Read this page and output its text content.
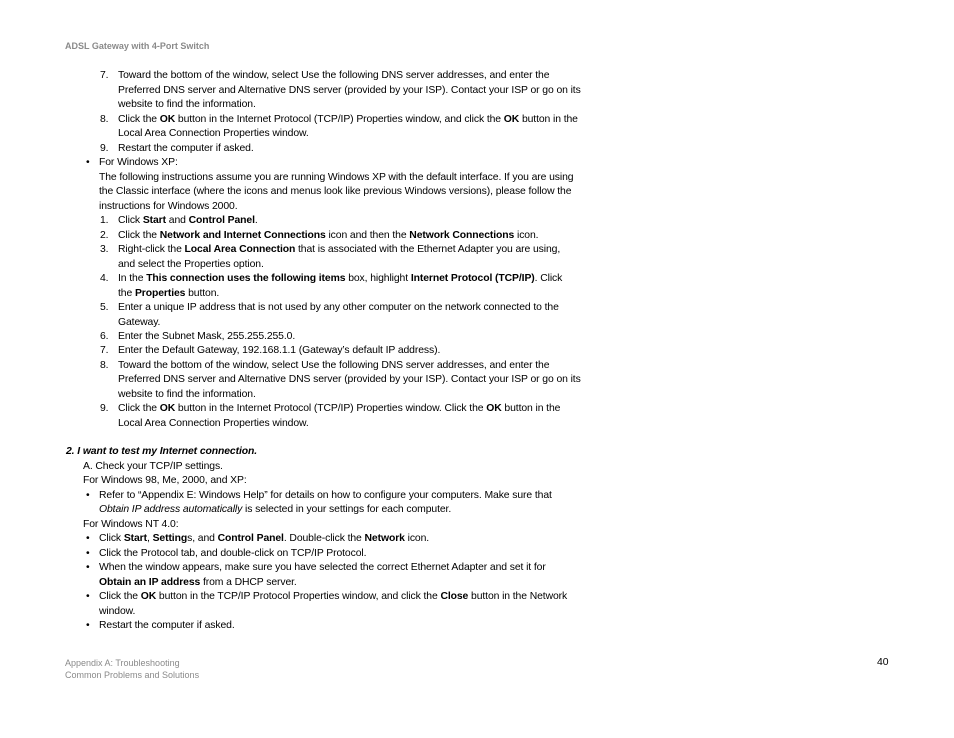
ADSL Gateway with 4-Port Switch
7. Toward the bottom of the window, select Use the following DNS server addresses, and enter the
Preferred DNS server and Alternative DNS server (provided by your ISP). Contact your ISP or go on its
website to find the information.
8. Click the OK button in the Internet Protocol (TCP/IP) Properties window, and click the OK button in the
Local Area Connection Properties window.
9. Restart the computer if asked.
• For Windows XP:
The following instructions assume you are running Windows XP with the default interface. If you are using
the Classic interface (where the icons and menus look like previous Windows versions), please follow the
instructions for Windows 2000.
1. Click Start and Control Panel.
2. Click the Network and Internet Connections icon and then the Network Connections icon.
3. Right-click the Local Area Connection that is associated with the Ethernet Adapter you are using,
and select the Properties option.
4. In the This connection uses the following items box, highlight Internet Protocol (TCP/IP). Click
the Properties button.
5. Enter a unique IP address that is not used by any other computer on the network connected to the
Gateway.
6. Enter the Subnet Mask, 255.255.255.0.
7. Enter the Default Gateway, 192.168.1.1 (Gateway’s default IP address).
8. Toward the bottom of the window, select Use the following DNS server addresses, and enter the
Preferred DNS server and Alternative DNS server (provided by your ISP). Contact your ISP or go on its
website to find the information.
9. Click the OK button in the Internet Protocol (TCP/IP) Properties window. Click the OK button in the
Local Area Connection Properties window.
2. I want to test my Internet connection.
A. Check your TCP/IP settings.
For Windows 98, Me, 2000, and XP:
• Refer to “Appendix E: Windows Help” for details on how to configure your computers. Make sure that
Obtain IP address automatically is selected in your settings for each computer.
For Windows NT 4.0:
• Click Start, Settings, and Control Panel. Double-click the Network icon.
• Click the Protocol tab, and double-click on TCP/IP Protocol.
• When the window appears, make sure you have selected the correct Ethernet Adapter and set it for
Obtain an IP address from a DHCP server.
• Click the OK button in the TCP/IP Protocol Properties window, and click the Close button in the Network
window.
• Restart the computer if asked.
Appendix A: Troubleshooting
Common Problems and Solutions
40
